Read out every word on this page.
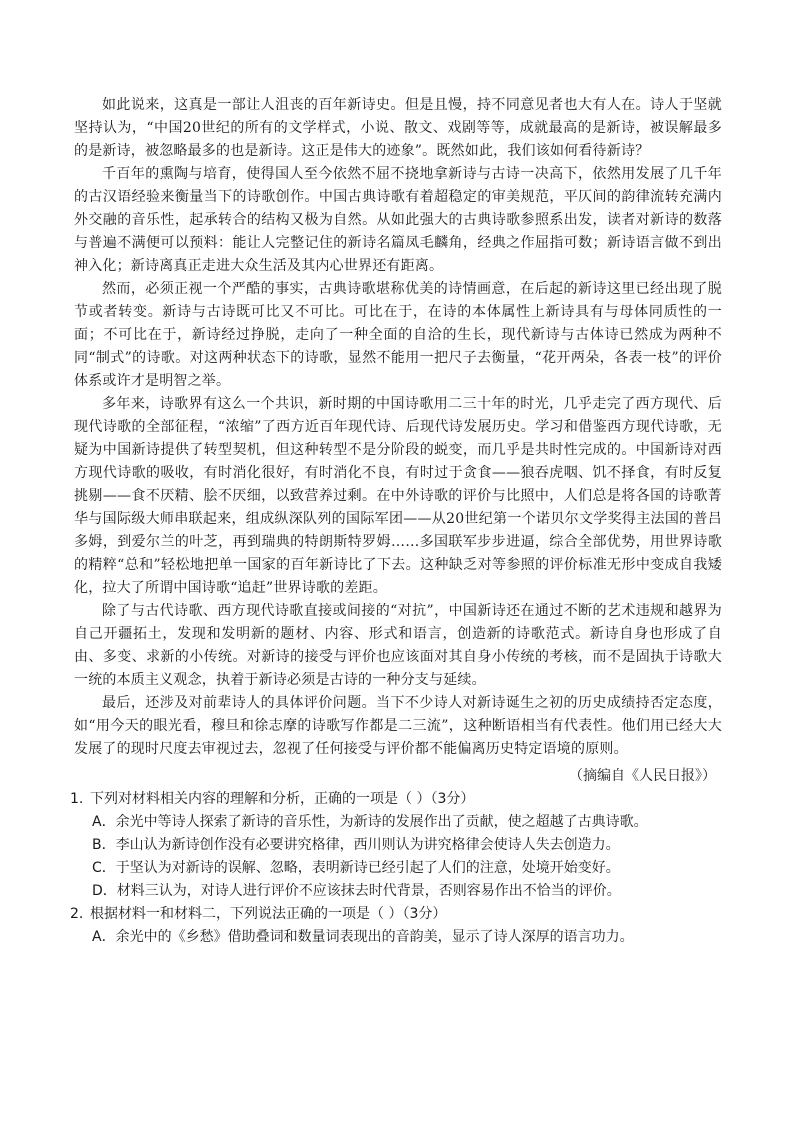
如此说来，这真是一部让人沮丧的百年新诗史。但是且慢，持不同意见者也大有人在。诗人于坚就坚持认为，“中国20世纪的所有的文学样式，小说、散文、戏剧等等，成就最高的是新诗，被误解最多的是新诗，被忽略最多的也是新诗。这正是伟大的迹象”。既然如此，我们该如何看待新诗？

千百年的熏陶与培育，使得国人至今依然不屈不挠地拿新诗与古诗一决高下，依然用发展了几千年的古汉语经验来衡量当下的诗歌创作。中国古典诗歌有着超稳定的审美规范，平仄间的韵律流转充满内外交融的音乐性，起承转合的结构又极为自然。从如此强大的古典诗歌参照系出发，读者对新诗的数落与普遍不满便可以预料：能让人完整记住的新诗名篇凤毛麟角，经典之作屈指可数；新诗语言做不到出神入化；新诗离真正走进大众生活及其内心世界还有距离。

然而，必须正视一个严酷的事实，古典诗歌堪称优美的诗情画意，在后起的新诗这里已经出现了脱节或者转变。新诗与古诗既可比又不可比。可比在于，在诗的本体属性上新诗具有与母体同质性的一面；不可比在于，新诗经过挣脱，走向了一种全面的自洽的生长，现代新诗与古体诗已然成为两种不同“制式”的诗歌。对这两种状态下的诗歌，显然不能用一把尺子去衡量，“花开两朵，各表一枝”的评价体系或许才是明智之举。

多年来，诗歌界有这么一个共识，新时期的中国诗歌用二三十年的时光，几乎走完了西方现代、后现代诗歌的全部征程，“浓缩”了西方近百年现代诗、后现代诗发展历史。学习和借鉴西方现代诗歌，无疑为中国新诗提供了转型契机，但这种转型不是分阶段的蜕变，而几乎是共时性完成的。中国新诗对西方现代诗歌的吸收，有时消化很好，有时消化不良，有时过于贪食——狼吞虎咽、饥不择食，有时反复挑剔——食不厌精、脍不厌细，以致营养过剩。在中外诗歌的评价与比照中，人们总是将各国的诗歌菁华与国际级大师串联起来，组成纵深队列的国际军团——从20世纪第一个诺贝尔文学奖得主法国的普吕多姆，到爱尔兰的叶芝，再到瑞典的特朗斯特罗姆……多国联军步步进逼，综合全部优势，用世界诗歌的精粹“总和”轻松地把单一国家的百年新诗比了下去。这种缺乏对等参照的评价标准无形中变成自我矮化，拉大了所谓中国诗歌“追赶”世界诗歌的差距。

除了与古代诗歌、西方现代诗歌直接或间接的“对抗”，中国新诗还在通过不断的艺术违规和越界为自己开疆拓土，发现和发明新的题材、内容、形式和语言，创造新的诗歌范式。新诗自身也形成了自由、多变、求新的小传统。对新诗的接受与评价也应该面对其自身小传统的考核，而不是固执于诗歌大一统的本质主义观念，执着于新诗必须是古诗的一种分支与延续。

最后，还涉及对前辈诗人的具体评价问题。当下不少诗人对新诗诞生之初的历史成绩持否定态度，如“用今天的眼光看，穆旦和徐志摩的诗歌写作都是二三流”，这种断语相当有代表性。他们用已经大大发展了的现时尺度去审视过去，忽视了任何接受与评价都不能偏离历史特定语境的原则。

（摘编自《人民日报》）

1. 下列对材料相关内容的理解和分析，正确的一项是（ ）（3分）

A．余光中等诗人探索了新诗的音乐性，为新诗的发展作出了贡献，使之超越了古典诗歌。

B．李山认为新诗创作没有必要讲究格律，西川则认为讲究格律会使诗人失去创造力。

C．于坚认为对新诗的误解、忽略，表明新诗已经引起了人们的注意，处境开始变好。

D．材料三认为，对诗人进行评价不应该抹去时代背景，否则容易作出不恰当的评价。

2. 根据材料一和材料二，下列说法正确的一项是（ ）（3分）

A．余光中的《乡愁》借助叠词和数量词表现出的音韵美，显示了诗人深厚的语言功力。
